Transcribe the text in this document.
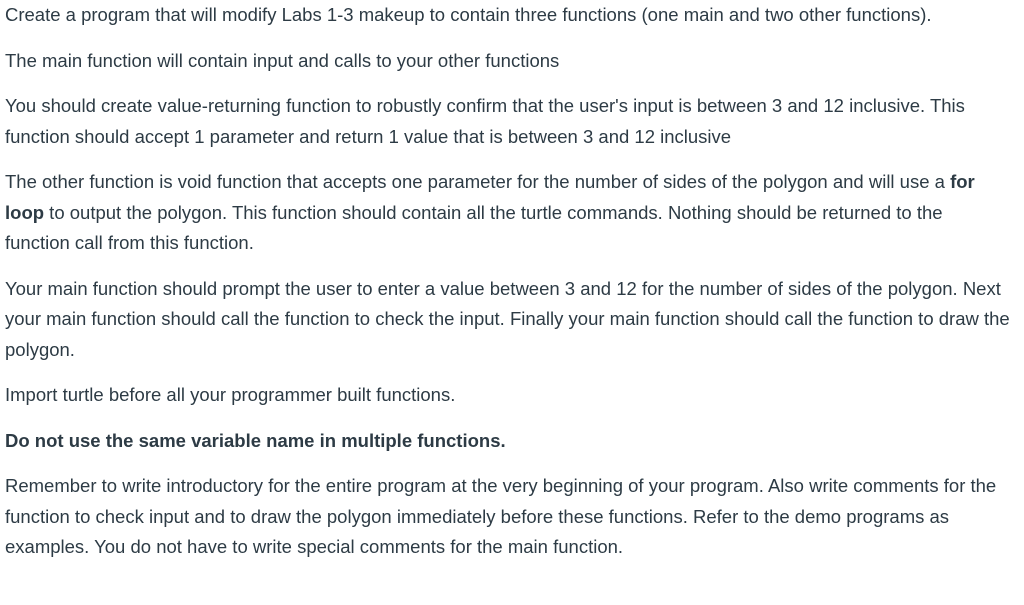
Create a program that will modify Labs 1-3 makeup to contain three functions (one main and two other functions).

The main function will contain input and calls to your other functions

You should create value-returning function to robustly confirm that the user's input is between 3 and 12 inclusive. This function should accept 1 parameter and return 1 value that is between 3 and 12 inclusive

The other function is void function that accepts one parameter for the number of sides of the polygon and will use a for loop to output the polygon. This function should contain all the turtle commands. Nothing should be returned to the function call from this function.

Your main function should prompt the user to enter a value between 3 and 12 for the number of sides of the polygon. Next your main function should call the function to check the input. Finally your main function should call the function to draw the polygon.

Import turtle before all your programmer built functions.

Do not use the same variable name in multiple functions.

Remember to write introductory for the entire program at the very beginning of your program. Also write comments for the function to check input and to draw the polygon immediately before these functions. Refer to the demo programs as examples. You do not have to write special comments for the main function.
